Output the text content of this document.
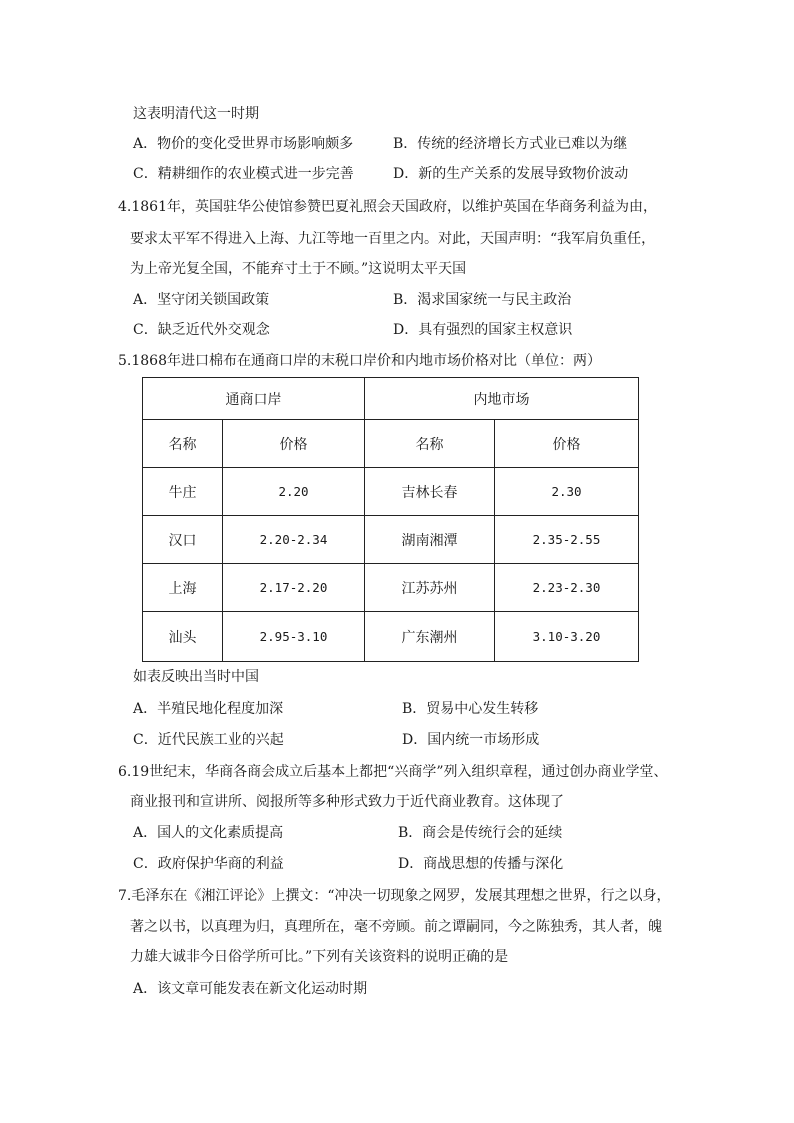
这表明清代这一时期
A．物价的变化受世界市场影响颇多	B．传统的经济增长方式业已难以为继
C．精耕细作的农业模式进一步完善	D．新的生产关系的发展导致物价波动
4.1861年，英国驻华公使馆参赞巴夏礼照会天国政府，以维护英国在华商务利益为由，
要求太平军不得进入上海、九江等地一百里之内。对此，天国声明：“我军肩负重任，
为上帝光复全国，不能弃寸土于不顾。”这说明太平天国
A．坚守闭关锁国政策	B．渴求国家统一与民主政治
C．缺乏近代外交观念	D．具有强烈的国家主权意识
5.1868年进口棉布在通商口岸的末税口岸价和内地市场价格对比（单位：两）
通商口岸		内地市场	
名称	价格	名称	价格
牛庄	2.20	吉林长春	2.30
汉口	2.20-2.34	湖南湘潭	2.35-2.55
上海	2.17-2.20	江苏苏州	2.23-2.30
汕头	2.95-3.10	广东潮州	3.10-3.20
如表反映出当时中国
A．半殖民地化程度加深	B．贸易中心发生转移
C．近代民族工业的兴起	D．国内统一市场形成
6.19世纪末，华商各商会成立后基本上都把“兴商学”列入组织章程，通过创办商业学堂、
商业报刊和宣讲所、阅报所等多种形式致力于近代商业教育。这体现了
A．国人的文化素质提高	B．商会是传统行会的延续
C．政府保护华商的利益	D．商战思想的传播与深化
7.毛泽东在《湘江评论》上撰文：“冲决一切现象之网罗，发展其理想之世界，行之以身，
著之以书，以真理为归，真理所在，毫不旁顾。前之谭嗣同，今之陈独秀，其人者，魄
力雄大诚非今日俗学所可比。”下列有关该资料的说明正确的是
A．该文章可能发表在新文化运动时期
